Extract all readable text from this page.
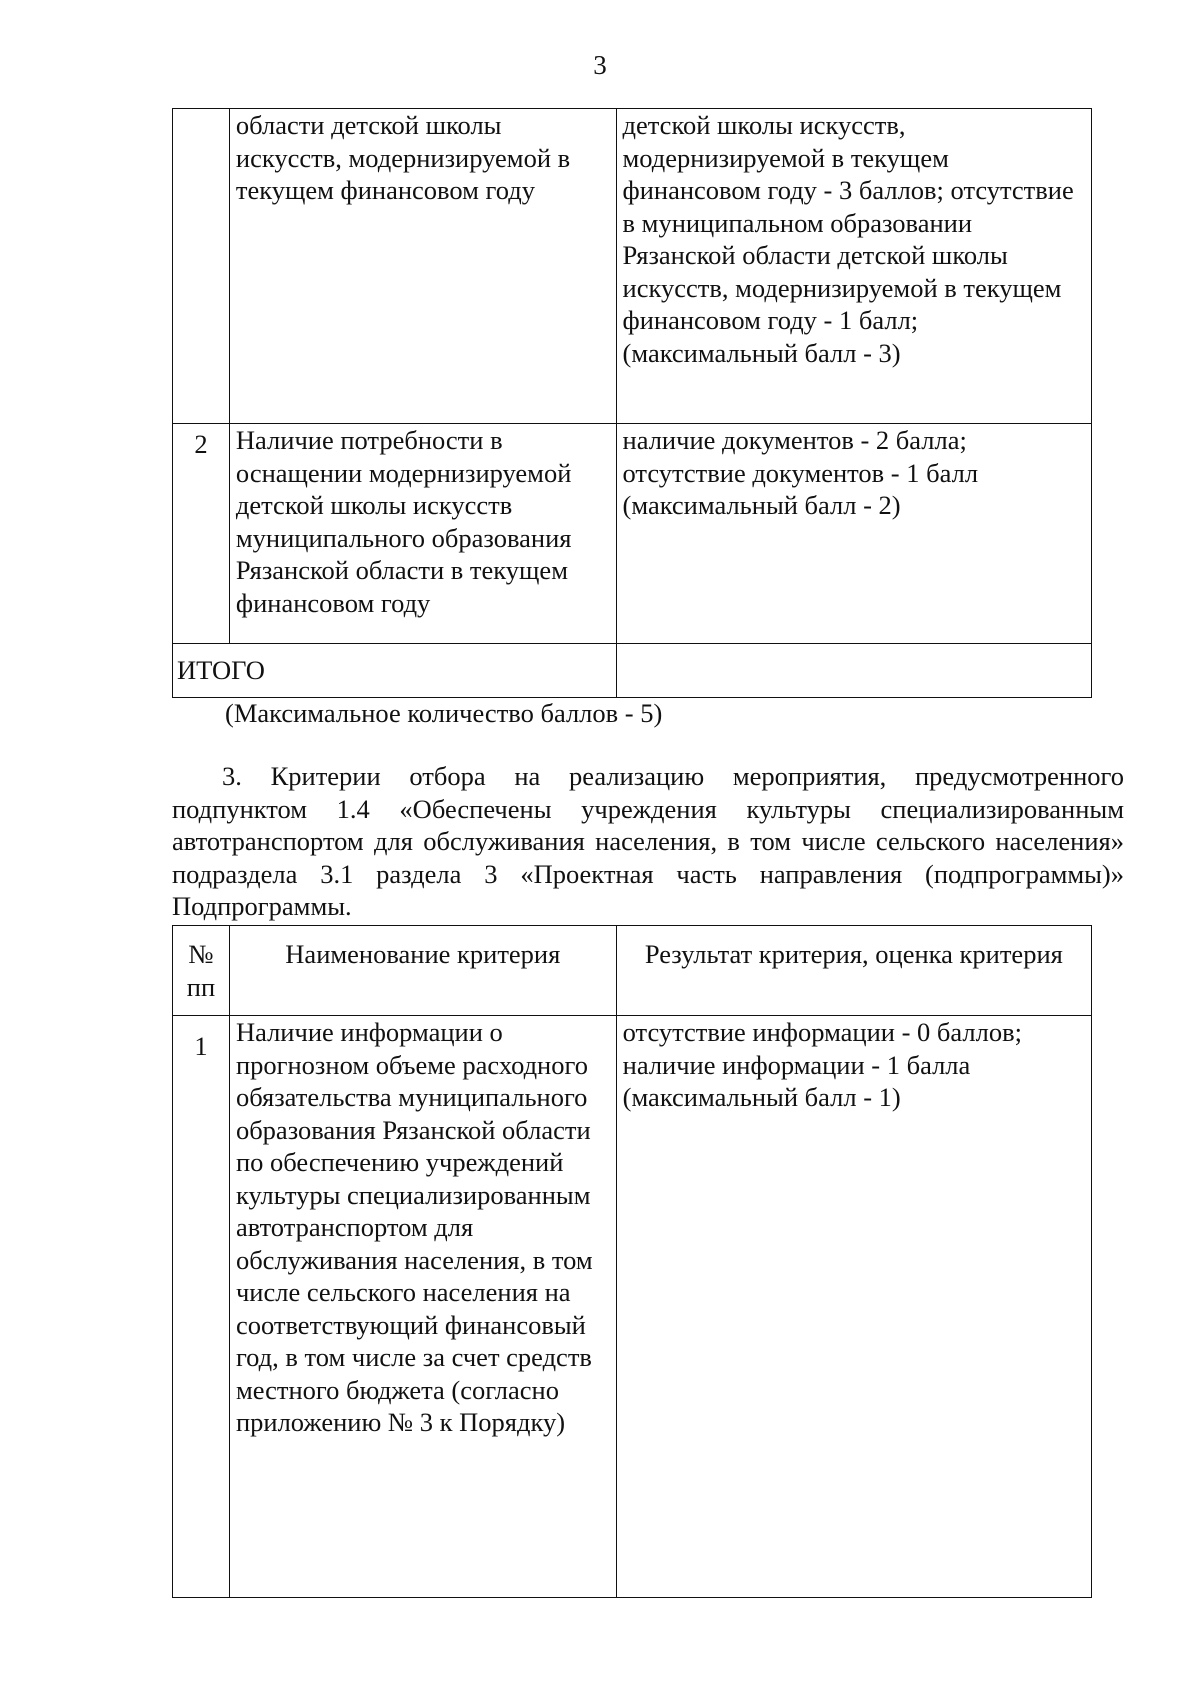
3
	области детской школы искусств, модернизируемой в текущем финансовом году	детской школы искусств, модернизируемой в текущем финансовом году - 3 баллов; отсутствие в муниципальном образовании Рязанской области детской школы искусств, модернизируемой в текущем финансовом году - 1 балл; (максимальный балл - 3)
2	Наличие потребности в оснащении модернизируемой детской школы искусств муниципального образования Рязанской области в текущем финансовом году	наличие документов - 2 балла; отсутствие документов - 1 балл (максимальный балл - 2)
ИТОГО		
(Максимальное количество баллов - 5)
3. Критерии отбора на реализацию мероприятия, предусмотренного подпунктом 1.4 «Обеспечены учреждения культуры специализированным автотранспортом для обслуживания населения, в том числе сельского населения» подраздела 3.1 раздела 3 «Проектная часть направления (подпрограммы)» Подпрограммы.
№ пп	Наименование критерия	Результат критерия, оценка критерия
1	Наличие информации о прогнозном объеме расходного обязательства муниципального образования Рязанской области по обеспечению учреждений культуры специализированным автотранспортом для обслуживания населения, в том числе сельского населения на соответствующий финансовый год, в том числе за счет средств местного бюджета (согласно приложению № 3 к Порядку)	отсутствие информации - 0 баллов; наличие информации - 1 балла (максимальный балл - 1)
